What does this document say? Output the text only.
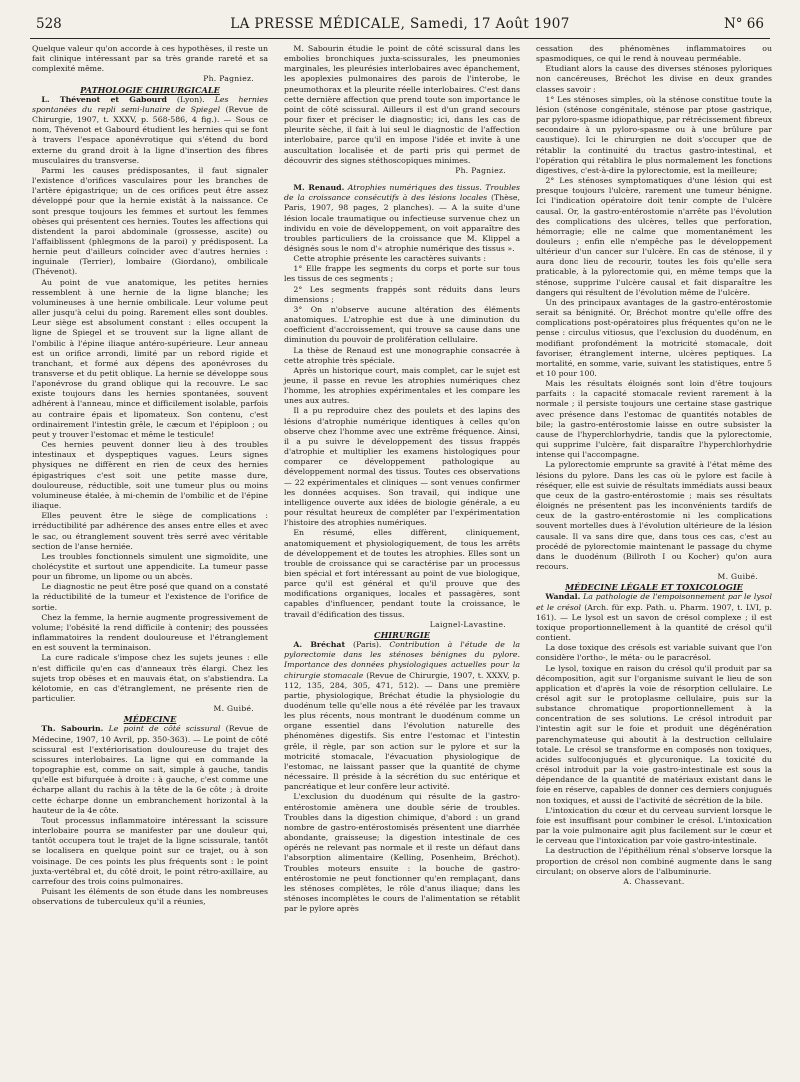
528	LA PRESSE MÉDICALE, Samedi, 17 Août 1907	N° 66

Quelque valeur qu'on accorde à ces hypothèses, il reste un fait clinique intéressant par sa très grande rareté et sa complexité même.

Ph. Pagniez.

PATHOLOGIE CHIRURGICALE

L. Thévenot et Gabourd (Lyon). Les hernies spontanées du repli semi-lunaire de Spiegel (Revue de Chirurgie, 1907, t. XXXV, p. 568-586, 4 fig.). — Sous ce nom, Thévenot et Gabourd étudient les hernies qui se font à travers l'espace aponévrotique qui s'étend du bord externe du grand droit à la ligne d'insertion des fibres musculaires du transverse.

Parmi les causes prédisposantes, il faut signaler l'existence d'orifices vasculaires pour les branches de l'artère épigastrique; un de ces orifices peut être assez développé pour que la hernie existât à la naissance. Ce sont presque toujours les femmes et surtout les femmes obèses qui présentent ces hernies. Toutes les affections qui distendent la paroi abdominale (grossesse, ascite) ou l'affaiblissent (phlegmons de la paroi) y prédisposent. La hernie peut d'ailleurs coïncider avec d'autres hernies : inguinale (Terrier), lombaire (Giordano), ombilicale (Thévenot).

Au point de vue anatomique, les petites hernies ressemblent à une hernie de la ligne blanche; les volumineuses à une hernie ombilicale. Leur volume peut aller jusqu'à celui du poing. Rarement elles sont doubles. Leur siège est absolument constant : elles occupent la ligne de Spiegel et se trouvent sur la ligne allant de l'ombilic à l'épine iliaque antéro-supérieure. Leur anneau est un orifice arrondi, limité par un rebord rigide et tranchant, et formé aux dépens des aponévroses du transverse et du petit oblique. La hernie se développe sous l'aponévrose du grand oblique qui la recouvre. Le sac existe toujours dans les hernies spontanées, souvent adhérent à l'anneau, mince et difficilement isolable, parfois au contraire épais et lipomateux. Son contenu, c'est ordinairement l'intestin grêle, le cæcum et l'épiploon ; ou peut y trouver l'estomac et même le testicule!

Ces hernies peuvent donner lieu à des troubles intestinaux et dyspeptiques vagues. Leurs signes physiques ne diffèrent en rien de ceux des hernies épigastriques c'est soit une petite masse dure, douloureuse, réductible, soit une tumeur plus ou moins volumineuse étalée, à mi-chemin de l'ombilic et de l'épine iliaque.

Elles peuvent être le siège de complications : irréductibilité par adhérence des anses entre elles et avec le sac, ou étranglement souvent très serré avec véritable section de l'anse herniée.

Les troubles fonctionnels simulent une sigmoïdite, une cholécystite et surtout une appendicite. La tumeur passe pour un fibrome, un lipome ou un abcès.

Le diagnostic ne peut être posé que quand on a constaté la réductibilité de la tumeur et l'existence de l'orifice de sortie.

Chez la femme, la hernie augmente progressivement de volume; l'obésité la rend difficile à contenir; des poussées inflammatoires la rendent douloureuse et l'étranglement en est souvent la terminaison.

La cure radicale s'impose chez les sujets jeunes : elle n'est difficile qu'en cas d'anneaux très élargi. Chez les sujets trop obèses et en mauvais état, on s'abstiendra. La kélotomie, en cas d'étranglement, ne présente rien de particulier.

M. Guibé.

MÉDECINE

Th. Sabourin. Le point de côté scissural (Revue de Médecine, 1907, 10 Avril, pp. 350-363). — Le point de côté scissural est l'extériorisation douloureuse du trajet des scissures interlobaires. La ligne qui en commande la topographie est, comme on sait, simple à gauche, tandis qu'elle est bifurquée à droite : à gauche, c'est comme une écharpe allant du rachis à la tête de la 6e côte ; à droite cette écharpe donne un embranchement horizontal à la hauteur de la 4e côte.

Tout processus inflammatoire intéressant la scissure interlobaire pourra se manifester par une douleur qui, tantôt occupera tout le trajet de la ligne scissurale, tantôt se localisera en quelque point sur ce trajet, ou à son voisinage. De ces points les plus fréquents sont : le point juxta-vertébral et, du côté droit, le point rétro-axillaire, au carrefour des trois coins pulmonaires.

Puisant les éléments de son étude dans les nombreuses observations de tuberculeux qu'il a réunies,

M. Sabourin étudie le point de côté scissural dans les embolies bronchiques juxta-scissurales, les pneumonies marginales, les pleurésies interlobaires avec épanchement, les apoplexies pulmonaires des parois de l'interobe, le pneumothorax et la pleurite réelle interlobaires. C'est dans cette dernière affection que prend toute son importance le point de côté scissural. Ailleurs il est d'un grand secours pour fixer et préciser le diagnostic; ici, dans les cas de pleurite sèche, il fait à lui seul le diagnostic de l'affection interlobaire, parce qu'il en impose l'idée et invite à une auscultation localisée et de parti pris qui permet de découvrir des signes stéthoscopiques minimes.

Ph. Pagniez.

M. Renaud. Atrophies numériques des tissus. Troubles de la croissance consécutifs à des lésions locales (Thèse, Paris, 1907, 98 pages, 2 planches). — A la suite d'une lésion locale traumatique ou infectieuse survenue chez un individu en voie de développement, on voit apparaître des troubles particuliers de la croissance que M. Klippel a désignés sous le nom d'« atrophie numérique des tissus ».

Cette atrophie présente les caractères suivants :

1° Elle frappe les segments du corps et porte sur tous les tissus de ces segments ;

2° Les segments frappés sont réduits dans leurs dimensions ;

3° On n'observe aucune altération des éléments anatomiques. L'atrophie est due à une diminution du coefficient d'accroissement, qui trouve sa cause dans une diminution du pouvoir de prolifération cellulaire.

La thèse de Renaud est une monographie consacrée à cette atrophie très spéciale.

Après un historique court, mais complet, car le sujet est jeune, il passe en revue les atrophies numériques chez l'homme, les atrophies expérimentales et les compare les unes aux autres.

Il a pu reproduire chez des poulets et des lapins des lésions d'atrophie numérique identiques à celles qu'on observe chez l'homme avec une extrême fréquence. Ainsi, il a pu suivre le développement des tissus frappés d'atrophie et multiplier les examens histologiques pour comparer ce développement pathologique au développement normal des tissus. Toutes ces observations — 22 expérimentales et cliniques — sont venues confirmer les données acquises. Son travail, qui indique une intelligence ouverte aux idées de biologie générale, a eu pour résultat heureux de compléter par l'expérimentation l'histoire des atrophies numériques.

En résumé, elles diffèrent, cliniquement, anatomiquement et physiologiquement, de tous les arrêts de développement et de toutes les atrophies. Elles sont un trouble de croissance qui se caractérise par un processus bien spécial et fort intéressant au point de vue biologique, parce qu'il est général et qu'il prouve que des modifications organiques, locales et passagères, sont capables d'influencer, pendant toute la croissance, le travail d'édification des tissus.

Laignel-Lavastine.

CHIRURGIE

A. Bréchat (Paris). Contribution à l'étude de la pylorectomie dans les sténoses bénignes du pylore. Importance des données physiologiques actuelles pour la chirurgie stomacale (Revue de Chirurgie, 1907, t. XXXV, p. 112, 135, 284, 305, 471, 512). — Dans une première partie, physiologique, Bréchat étudie la physiologie du duodénum telle qu'elle nous a été révélée par les travaux les plus récents, nous montrant le duodénum comme un organe essentiel dans l'évolution naturelle des phénomènes digestifs. Sis entre l'estomac et l'intestin grêle, il règle, par son action sur le pylore et sur la motricité stomacale, l'évacuation physiologique de l'estomac, ne laissant passer que la quantité de chyme nécessaire. Il préside à la sécrétion du suc entérique et pancréatique et leur confère leur activité.

L'exclusion du duodénum qui résulte de la gastro-entérostomie amènera une double série de troubles. Troubles dans la digestion chimique, d'abord : un grand nombre de gastro-entérostomisés présentent une diarrhée abondante, graisseuse; la digestion intestinale de ces opérés ne relevant pas normale et il reste un défaut dans l'absorption alimentaire (Kelling, Posenheim, Bréchot). Troubles moteurs ensuite : la bouche de gastro-entérostomie ne peut fonctionner qu'en remplaçant, dans les sténoses complètes, le rôle d'anus iliaque; dans les sténoses incomplètes le cours de l'alimentation se rétablit par le pylore après

cessation des phénomènes inflammatoires ou spasmodiques, ce qui le rend à nouveau perméable.

Etudiant alors la cause des diverses sténoses pyloriques non cancéreuses, Bréchot les divise en deux grandes classes savoir :

1° Les sténoses simples, où la sténose constitue toute la lésion (sténose congénitale, sténose par ptose gastrique, par pyloro-spasme idiopathique, par rétrécissement fibreux secondaire à un pyloro-spasme ou à une brûlure par caustique). Ici le chirurgien ne doit s'occuper que de rétablir la continuité du tractus gastro-intestinal, et l'opération qui rétablira le plus normalement les fonctions digestives, c'est-à-dire la pylorectomie, est la meilleure;

2° Les sténoses symptomatiques d'une lésion qui est presque toujours l'ulcère, rarement une tumeur bénigne. Ici l'indication opératoire doit tenir compte de l'ulcère causal. Or, la gastro-entérostomie n'arrête pas l'évolution des complications des ulcères, telles que perforation, hémorragie; elle ne calme que momentanément les douleurs ; enfin elle n'empêche pas le développement ultérieur d'un cancer sur l'ulcère. En cas de sténose, il y aura donc lieu de recourir, toutes les fois qu'elle sera praticable, à la pylorectomie qui, en même temps que la sténose, supprime l'ulcère causal et fait disparaître les dangers qui résultent de l'évolution même de l'ulcère.

Un des principaux avantages de la gastro-entérostomie serait sa bénignité. Or, Bréchot montre qu'elle offre des complications post-opératoires plus fréquentes qu'on ne le pense : circulus vitiosus, que l'exclusion du duodénum, en modifiant profondément la motricité stomacale, doit favoriser, étranglement interne, ulcères peptiques. La mortalité, en somme, varie, suivant les statistiques, entre 5 et 10 pour 100.

Mais les résultats éloignés sont loin d'être toujours parfaits : la capacité stomacale revient rarement à la normale ; il persiste toujours une certaine stase gastrique avec présence dans l'estomac de quantités notables de bile; la gastro-entérostomie laisse en outre subsister la cause de l'hyperchlorhydrie, tandis que la pylorectomie, qui supprime l'ulcère, fait disparaître l'hyperchlorhydrie intense qui l'accompagne.

La pylorectomie emprunte sa gravité à l'état même des lésions du pylore. Dans les cas où le pylore est facile à réséquer, elle est suivie de résultats immédiats aussi beaux que ceux de la gastro-entérostomie ; mais ses résultats éloignés ne présentent pas les inconvénients tardifs de ceux de la gastro-entérostomie ni les complications souvent mortelles dues à l'évolution ultérieure de la lésion causale. Il va sans dire que, dans tous ces cas, c'est au procédé de pylorectomie maintenant le passage du chyme dans le duodénum (Billroth I ou Kocher) qu'on aura recours.

M. Guibé.

MÉDECINE LÉGALE ET TOXICOLOGIE

Wandal. La pathologie de l'empoisonnement par le lysol et le crésol (Arch. für exp. Path. u. Pharm. 1907, t. LVI, p. 161). — Le lysol est un savon de crésol complexe ; il est toxique proportionnellement à la quantité de crésol qu'il contient.

La dose toxique des crésols est variable suivant que l'on considère l'ortho-, le méta- ou le paracrésol.

Le lysol, toxique en raison du crésol qu'il produit par sa décomposition, agit sur l'organisme suivant le lieu de son application et d'après la voie de résorption cellulaire. Le crésol agit sur le protoplasme cellulaire, puis sur la substance chromatique proportionnellement à la concentration de ses solutions. Le crésol introduit par l'intestin agit sur le foie et produit une dégénération parenchymateuse qui aboutit à la destruction cellulaire totale. Le crésol se transforme en composés non toxiques, acides sulfoconjugués et glycuronique. La toxicité du crésol introduit par la voie gastro-intestinale est sous la dépendance de la quantité de matériaux existant dans le foie en réserve, capables de donner ces derniers conjugués non toxiques, et aussi de l'activité de sécrétion de la bile.

L'intoxication du cœur et du cerveau survient lorsque le foie est insuffisant pour combiner le crésol. L'intoxication par la voie pulmonaire agit plus facilement sur le cœur et le cerveau que l'intoxication par voie gastro-intestinale.

La destruction de l'épithélium rénal s'observe lorsque la proportion de crésol non combiné augmente dans le sang circulant; on observe alors de l'albuminurie.

A. Chassevant.
